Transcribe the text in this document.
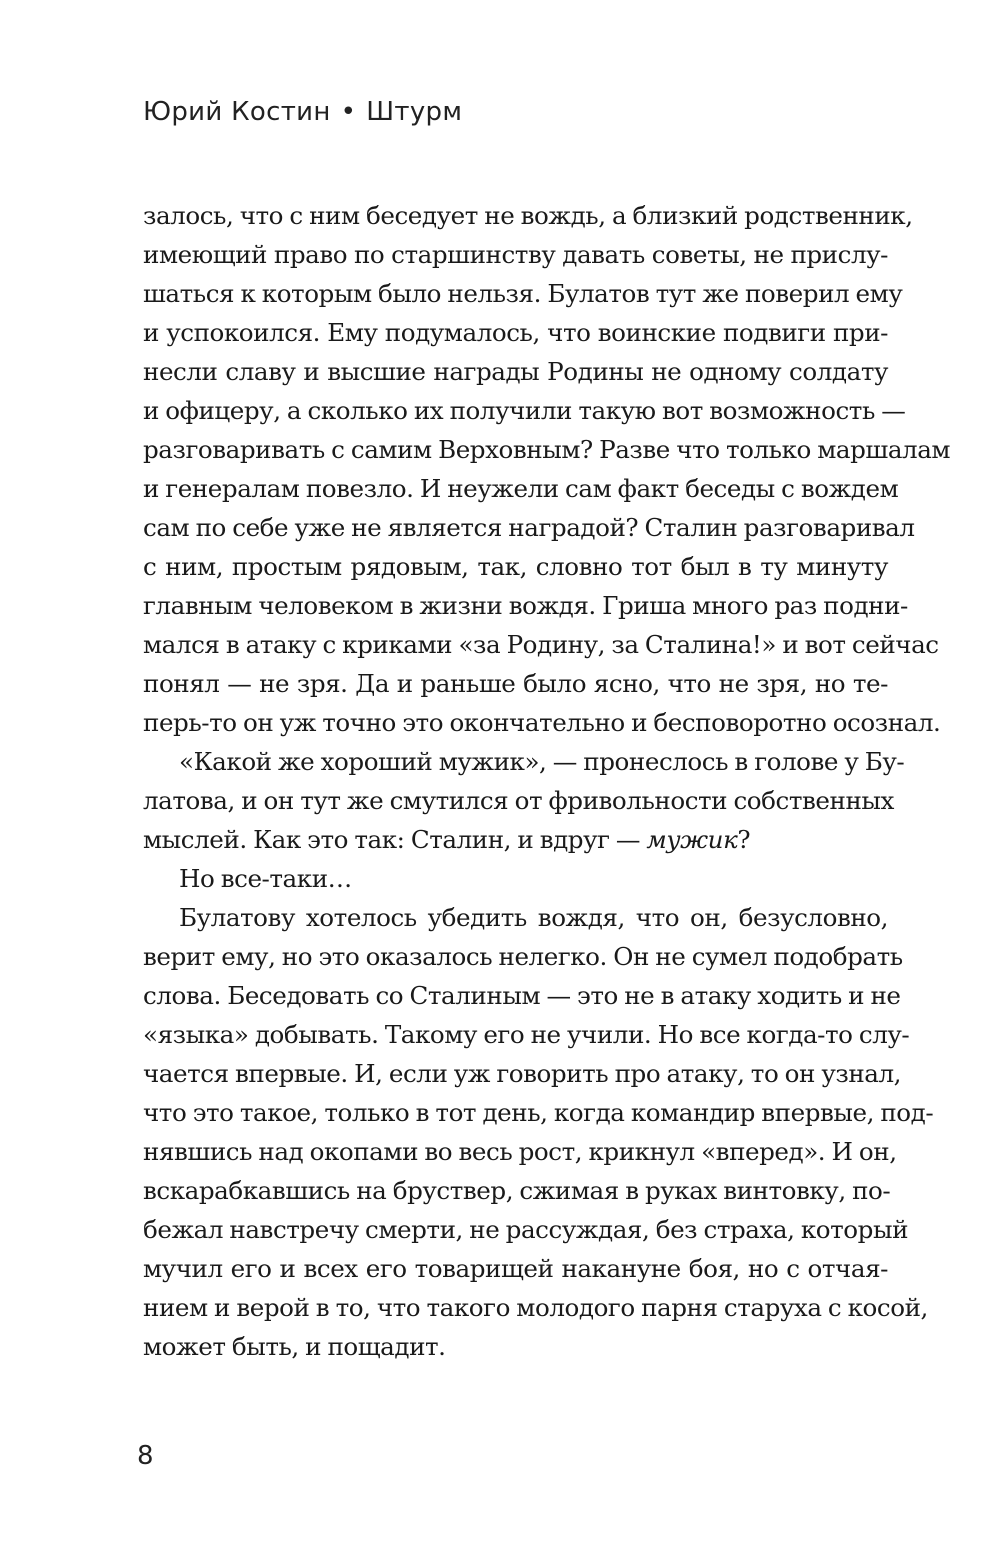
Юрий Костин • Штурм
залось, что с ним беседует не вождь, а близкий родственник,
имеющий право по старшинству давать советы, не прислу-
шаться к которым было нельзя. Булатов тут же поверил ему
и успокоился. Ему подумалось, что воинские подвиги при-
несли славу и высшие награды Родины не одному солдату
и офицеру, а сколько их получили такую вот возможность —
разговаривать с самим Верховным? Разве что только маршалам
и генералам повезло. И неужели сам факт беседы с вождем
сам по себе уже не является наградой? Сталин разговаривал
с ним, простым рядовым, так, словно тот был в ту минуту
главным человеком в жизни вождя. Гриша много раз подни-
мался в атаку с криками «за Родину, за Сталина!» и вот сейчас
понял — не зря. Да и раньше было ясно, что не зря, но те-
перь-то он уж точно это окончательно и бесповоротно осознал.
«Какой же хороший мужик», — пронеслось в голове у Бу-
латова, и он тут же смутился от фривольности собственных
мыслей. Как это так: Сталин, и вдруг — мужик?
Но все-таки…
Булатову хотелось убедить вождя, что он, безусловно,
верит ему, но это оказалось нелегко. Он не сумел подобрать
слова. Беседовать со Сталиным — это не в атаку ходить и не
«языка» добывать. Такому его не учили. Но все когда-то слу-
чается впервые. И, если уж говорить про атаку, то он узнал,
что это такое, только в тот день, когда командир впервые, под-
нявшись над окопами во весь рост, крикнул «вперед». И он,
вскарабкавшись на бруствер, сжимая в руках винтовку, по-
бежал навстречу смерти, не рассуждая, без страха, который
мучил его и всех его товарищей накануне боя, но с отчая-
нием и верой в то, что такого молодого парня старуха с косой,
может быть, и пощадит.
8
